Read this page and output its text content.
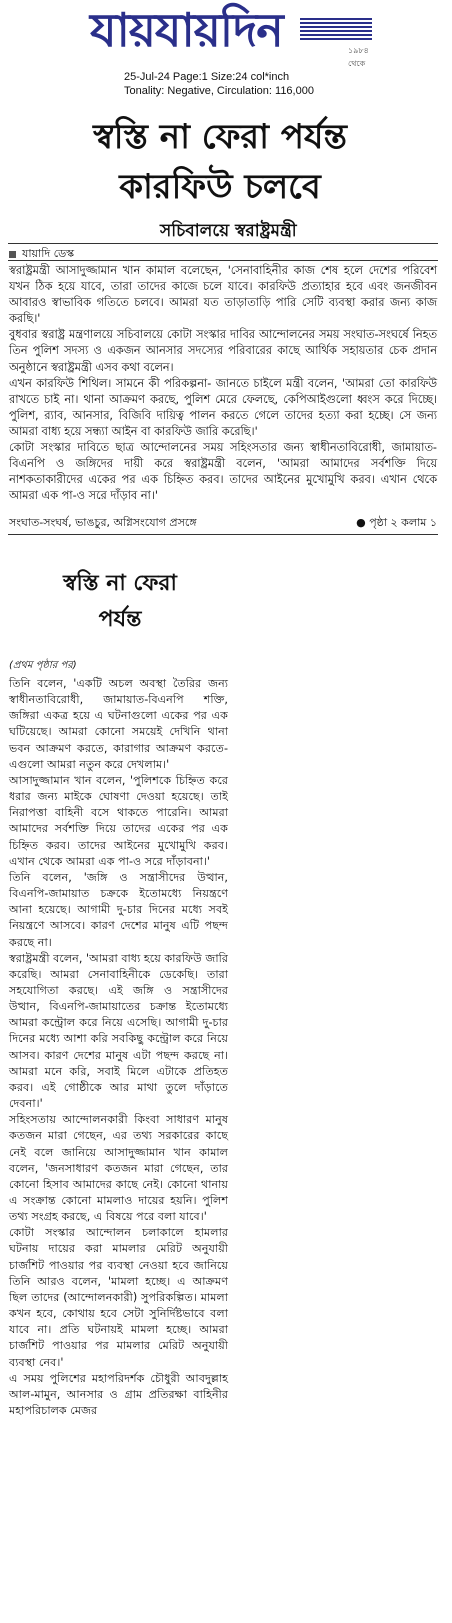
যায়যায়দিন	১৯৮৪ থেকে
25-Jul-24 Page:1 Size:24 col*inch
Tonality: Negative, Circulation: 116,000
স্বস্তি না ফেরা পর্যন্ত
কারফিউ চলবে
সচিবালয়ে স্বরাষ্ট্রমন্ত্রী
যায়াদি ডেস্ক

স্বরাষ্ট্রমন্ত্রী আসাদুজ্জামান খান কামাল বলেছেন, 'সেনাবাহিনীর কাজ শেষ হলে দেশের পরিবেশ যখন ঠিক হয়ে যাবে, তারা তাদের কাজে চলে যাবে। কারফিউ প্রত্যাহার হবে এবং জনজীবন আবারও স্বাভাবিক গতিতে চলবে। আমরা যত তাড়াতাড়ি পারি সেটি ব্যবস্থা করার জন্য কাজ করছি।'

বুধবার স্বরাষ্ট্র মন্ত্রণালয়ে সচিবালয়ে কোটা সংস্কার দাবির আন্দোলনের সময় সংঘাত-সংঘর্ষে নিহত তিন পুলিশ সদস্য ও একজন আনসার সদস্যের পরিবারের কাছে আর্থিক সহায়তার চেক প্রদান অনুষ্ঠানে স্বরাষ্ট্রমন্ত্রী এসব কথা বলেন।

এখন কারফিউ শিথিল। সামনে কী পরিকল্পনা- জানতে চাইলে মন্ত্রী বলেন, 'আমরা তো কারফিউ রাখতে চাই না। থানা আক্রমণ করছে, পুলিশ মেরে ফেলছে, কেপিআইগুলো ধ্বংস করে দিচ্ছে। পুলিশ, র‍্যাব, আনসার, বিজিবি দায়িত্ব পালন করতে গেলে তাদের হত্যা করা হচ্ছে। সে জন্য আমরা বাধ্য হয়ে সন্ধ্যা আইন বা কারফিউ জারি করেছি।'

কোটা সংস্কার দাবিতে ছাত্র আন্দোলনের সময় সহিংসতার জন্য স্বাধীনতাবিরোধী, জামায়াত-বিএনপি ও জঙ্গিদের দায়ী করে স্বরাষ্ট্রমন্ত্রী বলেন, 'আমরা আমাদের সর্বশক্তি দিয়ে নাশকতাকারীদের একের পর এক চিহ্নিত করব। তাদের আইনের মুখোমুখি করব। এখান থেকে আমরা এক পা-ও সরে দাঁড়াব না।'

সংঘাত-সংঘর্ষ, ভাঙচুর, অগ্নিসংযোগ প্রসঙ্গে	● পৃষ্ঠা ২ কলাম ১
স্বস্তি না ফেরা
পর্যন্ত
(প্রথম পৃষ্ঠার পর)

তিনি বলেন, 'একটি অচল অবস্থা তৈরির জন্য স্বাধীনতাবিরোধী, জামায়াত-বিএনপি শক্তি, জঙ্গিরা একত্র হয়ে এ ঘটনাগুলো একের পর এক ঘটিয়েছে। আমরা কোনো সময়েই দেখিনি থানা ভবন আক্রমণ করতে, কারাগার আক্রমণ করতে- এগুলো আমরা নতুন করে দেখলাম।'

আসাদুজ্জামান খান বলেন, 'পুলিশকে চিহ্নিত করে ধরার জন্য মাইকে ঘোষণা দেওয়া হয়েছে। তাই নিরাপত্তা বাহিনী বসে থাকতে পারেনি। আমরা আমাদের সর্বশক্তি দিয়ে তাদের একের পর এক চিহ্নিত করব। তাদের আইনের মুখোমুখি করব। এখান থেকে আমরা এক পা-ও সরে দাঁড়াবনা।'

তিনি বলেন, 'জঙ্গি ও সন্ত্রাসীদের উত্থান, বিএনপি-জামায়াত চক্রকে ইতোমধ্যে নিয়ন্ত্রণে আনা হয়েছে। আগামী দু-চার দিনের মধ্যে সবই নিয়ন্ত্রণে আসবে। কারণ দেশের মানুষ এটি পছন্দ করছে না।

স্বরাষ্ট্রমন্ত্রী বলেন, 'আমরা বাধ্য হয়ে কারফিউ জারি করেছি। আমরা সেনাবাহিনীকে ডেকেছি। তারা সহযোগিতা করছে। এই জঙ্গি ও সন্ত্রাসীদের উত্থান, বিএনপি-জামায়াতের চক্রান্ত ইতোমধ্যে আমরা কন্ট্রোল করে নিয়ে এসেছি। আগামী দু-চার দিনের মধ্যে আশা করি সবকিছু কন্ট্রোল করে নিয়ে আসব। কারণ দেশের মানুষ এটা পছন্দ করছে না। আমরা মনে করি, সবাই মিলে এটাকে প্রতিহত করব। এই গোষ্ঠীকে আর মাথা তুলে দাঁড়াতে দেবনা।'

সহিংসতায় আন্দোলনকারী কিংবা সাধারণ মানুষ কতজন মারা গেছেন, এর তথ্য সরকারের কাছে নেই বলে জানিয়ে আসাদুজ্জামান খান কামাল বলেন, 'জনসাধারণ কতজন মারা গেছেন, তার কোনো হিসাব আমাদের কাছে নেই। কোনো থানায় এ সংক্রান্ত কোনো মামলাও দায়ের হয়নি। পুলিশ তথ্য সংগ্রহ করছে, এ বিষয়ে পরে বলা যাবে।'

কোটা সংস্কার আন্দোলন চলাকালে হামলার ঘটনায় দায়ের করা মামলার মেরিট অনুযায়ী চার্জশিট পাওয়ার পর ব্যবস্থা নেওয়া হবে জানিয়ে তিনি আরও বলেন, 'মামলা হচ্ছে। এ আক্রমণ ছিল তাদের (আন্দোলনকারী) সুপরিকল্পিত। মামলা কখন হবে, কোথায় হবে সেটা সুনির্দিষ্টভাবে বলা যাবে না। প্রতি ঘটনায়ই মামলা হচ্ছে। আমরা চার্জশিট পাওয়ার পর মামলার মেরিট অনুযায়ী ব্যবস্থা নেব।'

এ সময় পুলিশের মহাপরিদর্শক চৌধুরী আবদুল্লাহ আল-মামুন, আনসার ও গ্রাম প্রতিরক্ষা বাহিনীর মহাপরিচালক মেজর
